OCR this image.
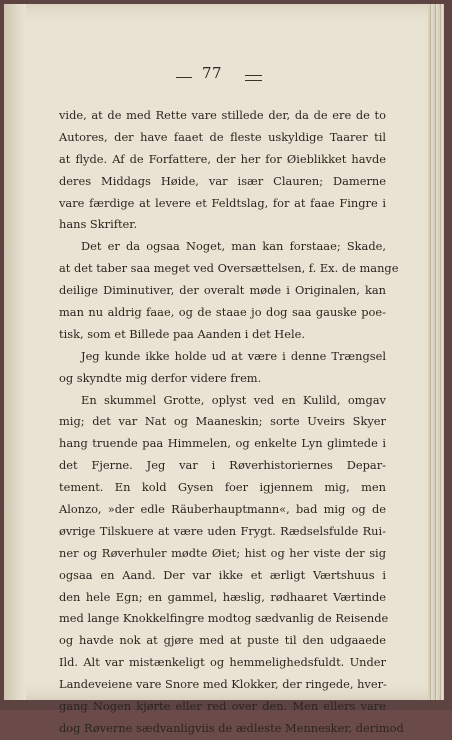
77
vide, at de med Rette vare stillede der, da de ere de to
Autores, der have faaet de fleste uskyldige Taarer til
at flyde. Af de Forfattere, der her for Øieblikket havde
deres Middags Høide, var især Clauren; Damerne
vare færdige at levere et Feldtslag, for at faae Fingre i
hans Skrifter.
Det er da ogsaa Noget, man kan forstaae; Skade,
at det taber saa meget ved Oversættelsen, f. Ex. de mange
deilige Diminutiver, der overalt møde i Originalen, kan
man nu aldrig faae, og de staae jo dog saa gauske poe-
tisk, som et Billede paa Aanden i det Hele.
Jeg kunde ikke holde ud at være i denne Trængsel
og skyndte mig derfor videre frem.
En skummel Grotte, oplyst ved en Kulild, omgav
mig; det var Nat og Maaneskin; sorte Uveirs Skyer
hang truende paa Himmelen, og enkelte Lyn glimtede i
det Fjerne. Jeg var i Røverhistoriernes Depar-
tement. En kold Gysen foer igjennem mig, men
Alonzo, »der edle Räuberhauptmann«, bad mig og de
øvrige Tilskuere at være uden Frygt. Rædselsfulde Rui-
ner og Røverhuler mødte Øiet; hist og her viste der sig
ogsaa en Aand. Der var ikke et ærligt Værtshuus i
den hele Egn; en gammel, hæslig, rødhaaret Værtinde
med lange Knokkelfingre modtog sædvanlig de Reisende
og havde nok at gjøre med at puste til den udgaaede
Ild. Alt var mistænkeligt og hemmelighedsfuldt. Under
Landeveiene vare Snore med Klokker, der ringede, hver-
gang Nogen kjørte eller red over den. Men ellers vare
dog Røverne sædvanligviis de ædleste Mennesker, derimod
